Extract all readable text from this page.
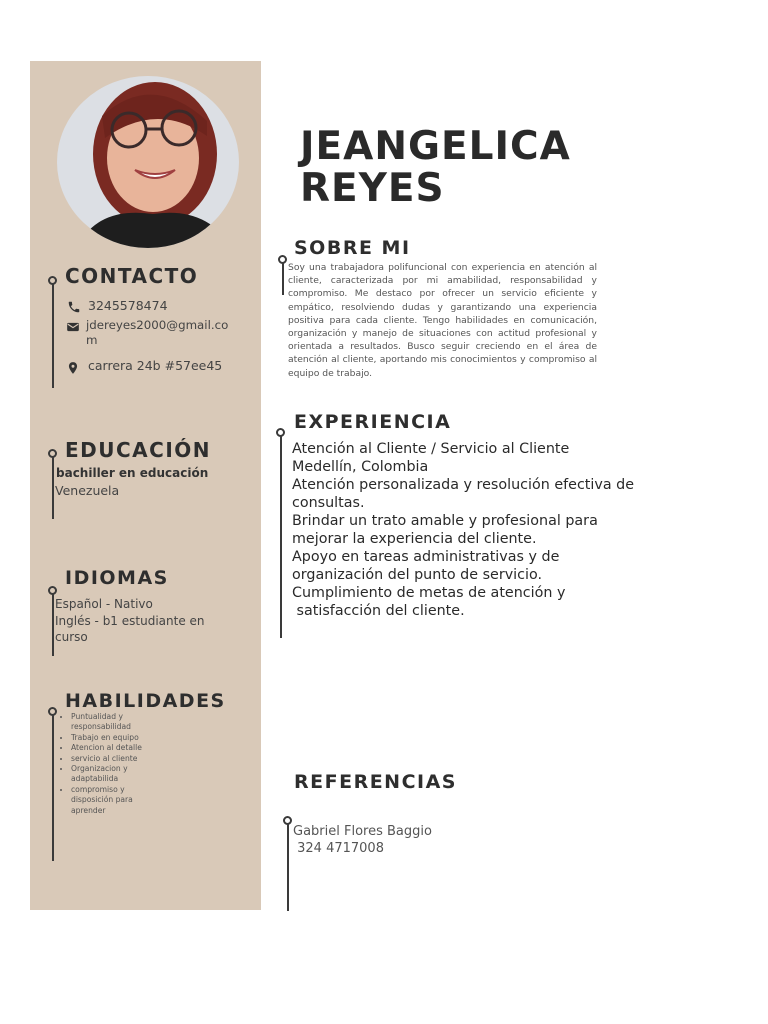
CONTACTO
3245578474
jdereyes2000@gmail.co
m
carrera 24b #57ee45
EDUCACIÓN
bachiller en educación
Venezuela
IDIOMAS
Español - Nativo
Inglés - b1 estudiante en
curso
HABILIDADES
• Puntualidad y responsabilidad
• Trabajo en equipo
• Atencion al detalle
• servicio al cliente
• Organizacion y adaptabilida
• compromiso y disposición para aprender
JEANGELICA
REYES
SOBRE MI
Soy una trabajadora polifuncional con experiencia en atención al cliente, caracterizada por mi amabilidad, responsabilidad y compromiso. Me destaco por ofrecer un servicio eficiente y empático, resolviendo dudas y garantizando una experiencia positiva para cada cliente. Tengo habilidades en comunicación, organización y manejo de situaciones con actitud profesional y orientada a resultados. Busco seguir creciendo en el área de atención al cliente, aportando mis conocimientos y compromiso al equipo de trabajo.
EXPERIENCIA
Atención al Cliente / Servicio al Cliente
Medellín, Colombia
Atención personalizada y resolución efectiva de
consultas.
Brindar un trato amable y profesional para
mejorar la experiencia del cliente.
Apoyo en tareas administrativas y de
organización del punto de servicio.
Cumplimiento de metas de atención y
satisfacción del cliente.
REFERENCIAS
Gabriel Flores Baggio
324 4717008
